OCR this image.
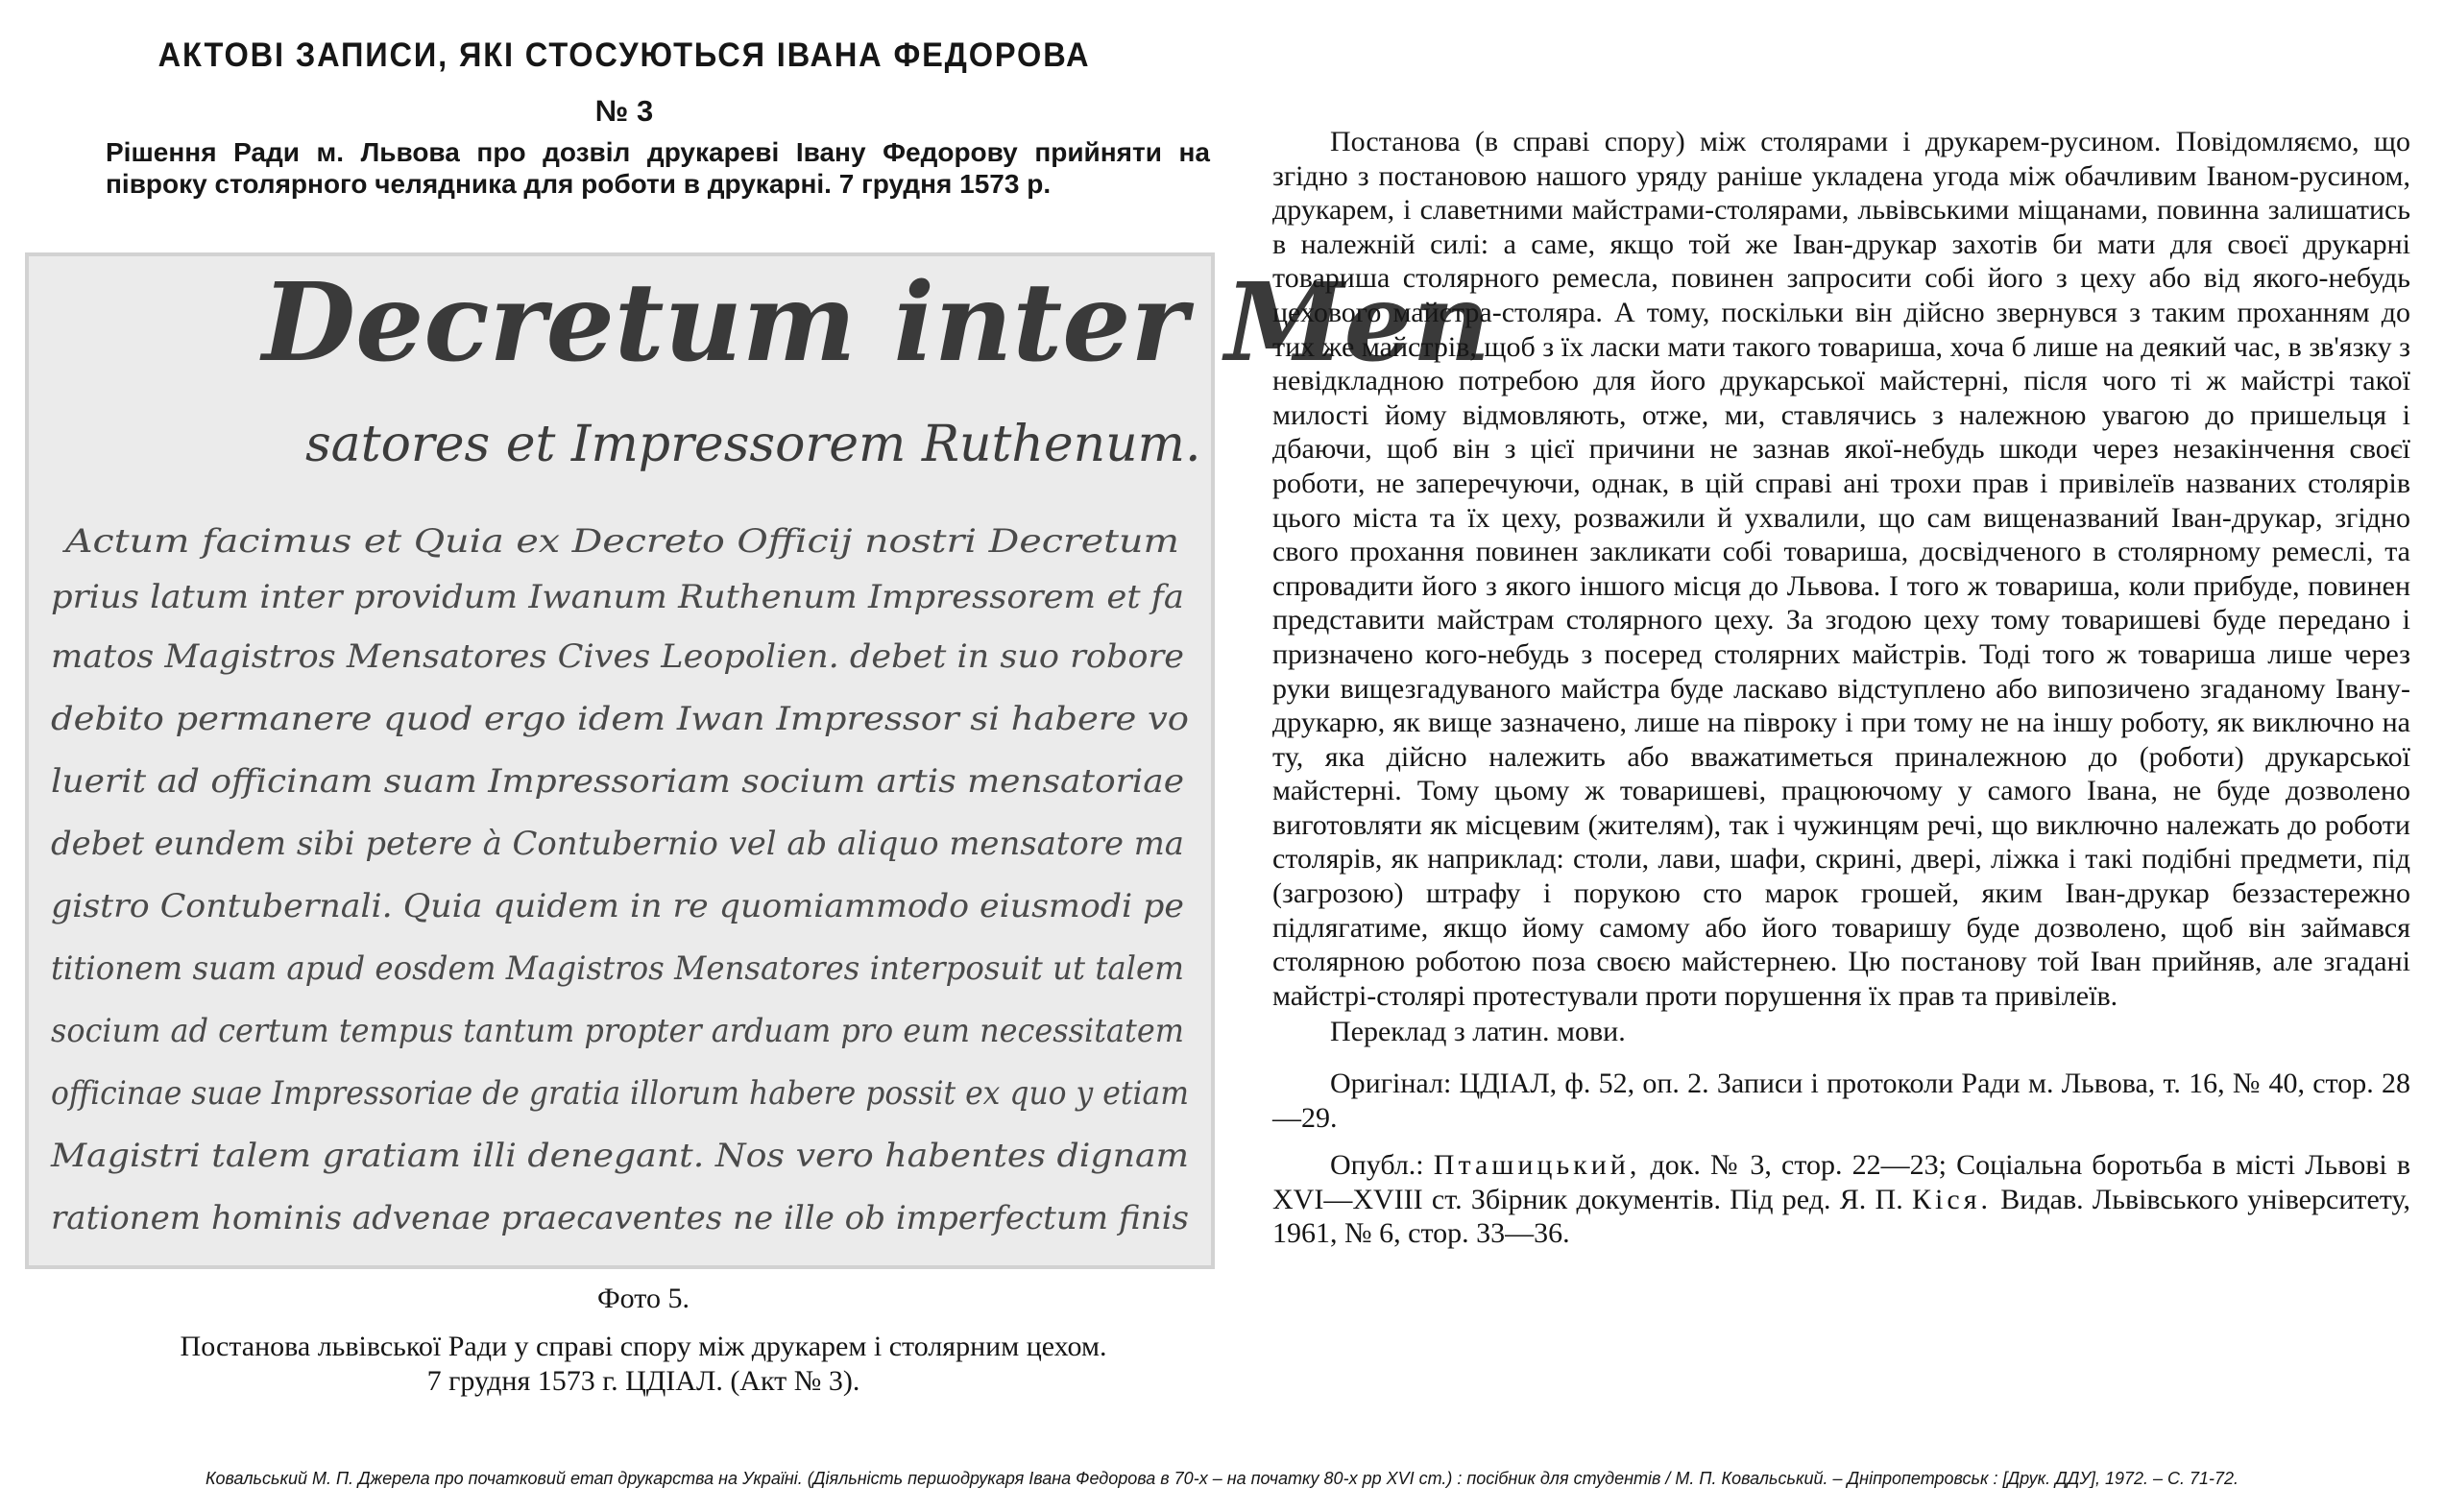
АКТОВІ ЗАПИСИ, ЯКІ СТОСУЮТЬСЯ ІВАНА ФЕДОРОВА
№ 3
Рішення Ради м. Львова про дозвіл друкареві Івану Федорову прийняти на півроку столярного челядника для роботи в друкарні. 7 грудня 1573 р.
Decretum inter Men
satores et Impressorem Ruthenum.
Actum facimus et Quia ex Decreto Officij nostri Decretum
prius latum inter providum Iwanum Ruthenum Impressorem et fa
matos Magistros Mensatores Cives Leopolien. debet in suo robore
debito permanere quod ergo idem Iwan Impressor si habere vo
luerit ad officinam suam Impressoriam socium artis mensatoriae
debet eundem sibi petere à Contubernio vel ab aliquo mensatore ma
gistro Contubernali. Quia quidem in re quomiammodo eiusmodi pe
titionem suam apud eosdem Magistros Mensatores interposuit ut talem
socium ad certum tempus tantum propter arduam pro eum necessitatem
officinae suae Impressoriae de gratia illorum habere possit ex quo y etiam
Magistri talem gratiam illi denegant. Nos vero habentes dignam
rationem hominis advenae praecaventes ne ille ob imperfectum finis
Фото 5.
Постанова львівської Ради у справі спору між друкарем і столярним цехом.
7 грудня 1573 г. ЦДІАЛ. (Акт № 3).

Постанова (в справі спору) між столярами і друкарем-русином. Повідомляємо, що згідно з постановою нашого уряду раніше укладена угода між обачливим Іваном-русином, друкарем, і славетними майстрами-столярами, львівськими міщанами, повинна залишатись в належній силі: а саме, якщо той же Іван-друкар захотів би мати для своєї друкарні товариша столярного ремесла, повинен запросити собі його з цеху або від якого-небудь цехового майстра-столяра. А тому, поскільки він дійсно звернувся з таким проханням до тих же майстрів, щоб з їх ласки мати такого товариша, хоча б лише на деякий час, в зв'язку з невідкладною потребою для його друкарської майстерні, після чого ті ж майстрі такої милості йому відмовляють, отже, ми, ставлячись з належною увагою до пришельця і дбаючи, щоб він з цієї причини не зазнав якої-небудь шкоди через незакінчення своєї роботи, не заперечуючи, однак, в цій справі ані трохи прав і привілеїв названих столярів цього міста та їх цеху, розважили й ухвалили, що сам вищеназваний Іван-друкар, згідно свого прохання повинен закликати собі товариша, досвідченого в столярному ремеслі, та спровадити його з якого іншого місця до Львова. І того ж товариша, коли прибуде, повинен представити майстрам столярного цеху. За згодою цеху тому товаришеві буде передано і призначено кого-небудь з посеред столярних майстрів. Тоді того ж товариша лише через руки вищезгадуваного майстра буде ласкаво відступлено або випозичено згаданому Івану-друкарю, як вище зазначено, лише на півроку і при тому не на іншу роботу, як виключно на ту, яка дійсно належить або вважатиметься приналежною до (роботи) друкарської майстерні. Тому цьому ж товаришеві, працюючому у самого Івана, не буде дозволено виготовляти як місцевим (жителям), так і чужинцям речі, що виключно належать до роботи столярів, як наприклад: столи, лави, шафи, скрині, двері, ліжка і такі подібні предмети, під (загрозою) штрафу і порукою сто марок грошей, яким Іван-друкар беззастережно підлягатиме, якщо йому самому або його товаришу буде дозволено, щоб він займався столярною роботою поза своєю майстернею. Цю постанову той Іван прийняв, але згадані майстрі-столярі протестували проти порушення їх прав та привілеїв.

Переклад з латин. мови.

Оригінал: ЦДІАЛ, ф. 52, оп. 2. Записи і протоколи Ради м. Львова, т. 16, № 40, стор. 28—29.

Опубл.: Пташицький, док. № 3, стор. 22—23; Соціальна боротьба в місті Львові в XVI—XVIII ст. Збірник документів. Під ред. Я. П. Кіся. Видав. Львівського університету, 1961, № 6, стор. 33—36.

Ковальський М. П. Джерела про початковий етап друкарства на Україні. (Діяльність першодрукаря Івана Федорова в 70-х – на початку 80-х рр XVI ст.) : посібник для студентів / М. П. Ковальський. – Дніпропетровськ : [Друк. ДДУ], 1972. – С. 71-72.
